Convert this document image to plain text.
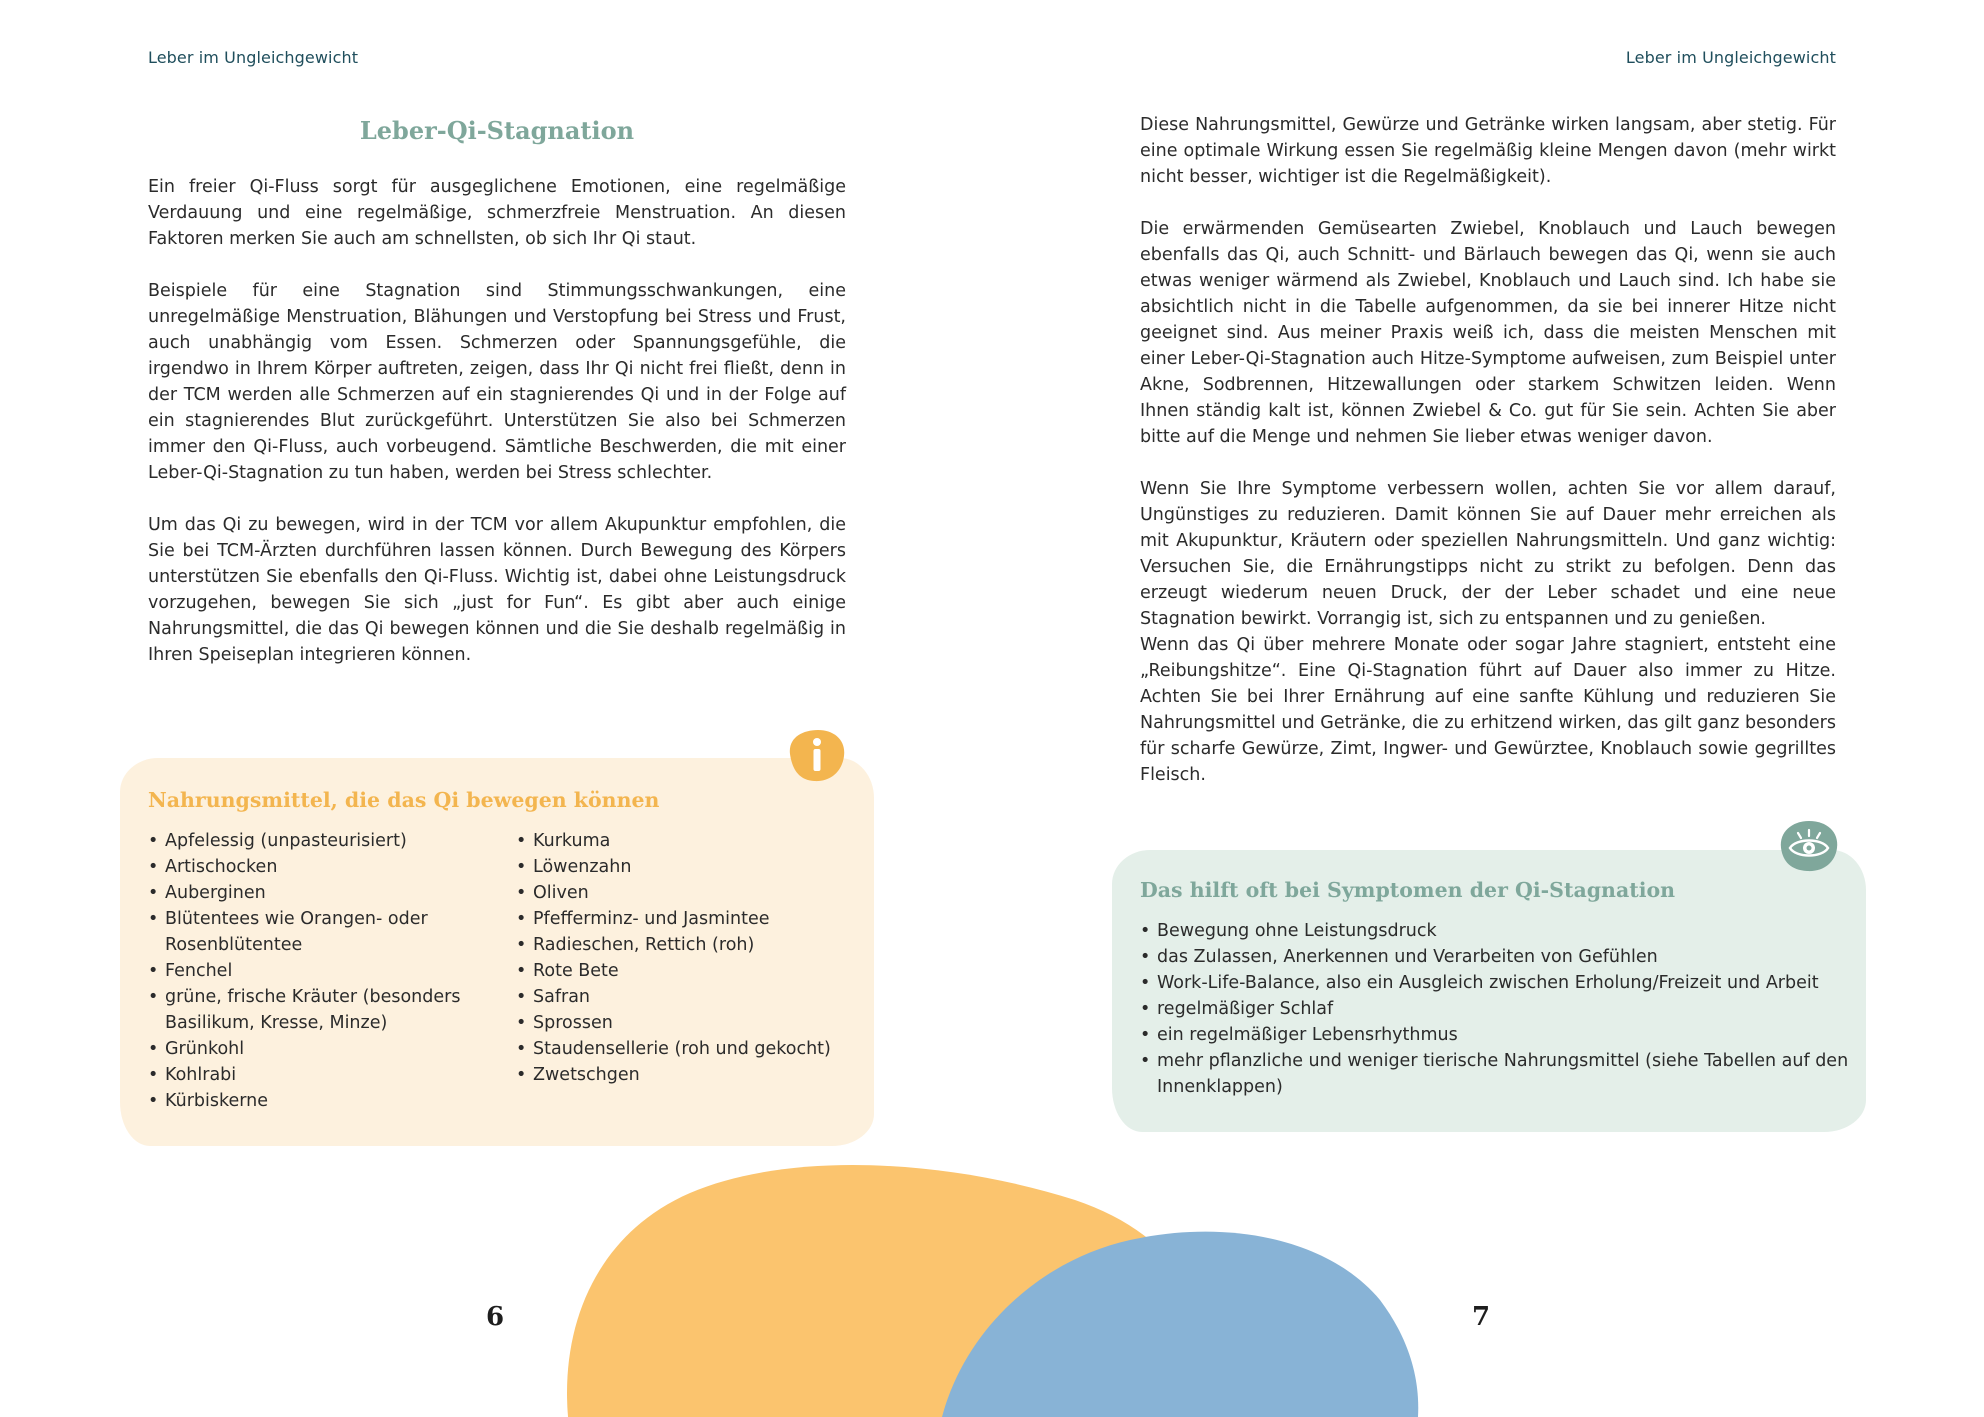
Leber im Ungleichgewicht
Leber-Qi-Stagnation

Ein freier Qi-Fluss sorgt für ausgeglichene Emotionen, eine regelmäßige Verdauung und eine regelmäßige, schmerzfreie Menstruation. An diesen Faktoren merken Sie auch am schnellsten, ob sich Ihr Qi staut.

Beispiele für eine Stagnation sind Stimmungsschwankungen, eine unregelmäßige Menstruation, Blähungen und Verstopfung bei Stress und Frust, auch unabhängig vom Essen. Schmerzen oder Spannungsgefühle, die irgendwo in Ihrem Körper auftreten, zeigen, dass Ihr Qi nicht frei fließt, denn in der TCM werden alle Schmerzen auf ein stagnierendes Qi und in der Folge auf ein stagnierendes Blut zurückgeführt. Unterstützen Sie also bei Schmerzen immer den Qi-Fluss, auch vorbeugend. Sämtliche Beschwerden, die mit einer Leber-Qi-Stagnation zu tun haben, werden bei Stress schlechter.

Um das Qi zu bewegen, wird in der TCM vor allem Akupunktur empfohlen, die Sie bei TCM-Ärzten durchführen lassen können. Durch Bewegung des Körpers unterstützen Sie ebenfalls den Qi-Fluss. Wichtig ist, dabei ohne Leistungsdruck vorzugehen, bewegen Sie sich „just for Fun“. Es gibt aber auch einige Nahrungsmittel, die das Qi bewegen können und die Sie deshalb regelmäßig in Ihren Speiseplan integrieren können.

Nahrungsmittel, die das Qi bewegen können
• Apfelessig (unpasteurisiert)
• Artischocken
• Auberginen
• Blütentees wie Orangen- oder Rosenblütentee
• Fenchel
• grüne, frische Kräuter (besonders Basilikum, Kresse, Minze)
• Grünkohl
• Kohlrabi
• Kürbiskerne
• Kurkuma
• Löwenzahn
• Oliven
• Pfefferminz- und Jasmintee
• Radieschen, Rettich (roh)
• Rote Bete
• Safran
• Sprossen
• Staudensellerie (roh und gekocht)
• Zwetschgen
6
Leber im Ungleichgewicht

Diese Nahrungsmittel, Gewürze und Getränke wirken langsam, aber stetig. Für eine optimale Wirkung essen Sie regelmäßig kleine Mengen davon (mehr wirkt nicht besser, wichtiger ist die Regelmäßigkeit).

Die erwärmenden Gemüsearten Zwiebel, Knoblauch und Lauch bewegen ebenfalls das Qi, auch Schnitt- und Bärlauch bewegen das Qi, wenn sie auch etwas weniger wärmend als Zwiebel, Knoblauch und Lauch sind. Ich habe sie absichtlich nicht in die Tabelle aufgenommen, da sie bei innerer Hitze nicht geeignet sind. Aus meiner Praxis weiß ich, dass die meisten Menschen mit einer Leber-Qi-Stagnation auch Hitze-Symptome aufweisen, zum Beispiel unter Akne, Sodbrennen, Hitzewallungen oder starkem Schwitzen leiden. Wenn Ihnen ständig kalt ist, können Zwiebel & Co. gut für Sie sein. Achten Sie aber bitte auf die Menge und nehmen Sie lieber etwas weniger davon.

Wenn Sie Ihre Symptome verbessern wollen, achten Sie vor allem darauf, Ungünstiges zu reduzieren. Damit können Sie auf Dauer mehr erreichen als mit Akupunktur, Kräutern oder speziellen Nahrungsmitteln. Und ganz wichtig: Versuchen Sie, die Ernährungstipps nicht zu strikt zu befolgen. Denn das erzeugt wiederum neuen Druck, der der Leber schadet und eine neue Stagnation bewirkt. Vorrangig ist, sich zu entspannen und zu genießen.

Wenn das Qi über mehrere Monate oder sogar Jahre stagniert, entsteht eine „Reibungshitze“. Eine Qi-Stagnation führt auf Dauer also immer zu Hitze. Achten Sie bei Ihrer Ernährung auf eine sanfte Kühlung und reduzieren Sie Nahrungsmittel und Getränke, die zu erhitzend wirken, das gilt ganz besonders für scharfe Gewürze, Zimt, Ingwer- und Gewürztee, Knoblauch sowie gegrilltes Fleisch.

7
Das hilft oft bei Symptomen der Qi-Stagnation
• Bewegung ohne Leistungsdruck
• das Zulassen, Anerkennen und Verarbeiten von Gefühlen
• Work-Life-Balance, also ein Ausgleich zwischen Erholung/Freizeit und Arbeit
• regelmäßiger Schlaf
• ein regelmäßiger Lebensrhythmus
• mehr pflanzliche und weniger tierische Nahrungsmittel (siehe Tabellen auf den Innenklappen)
